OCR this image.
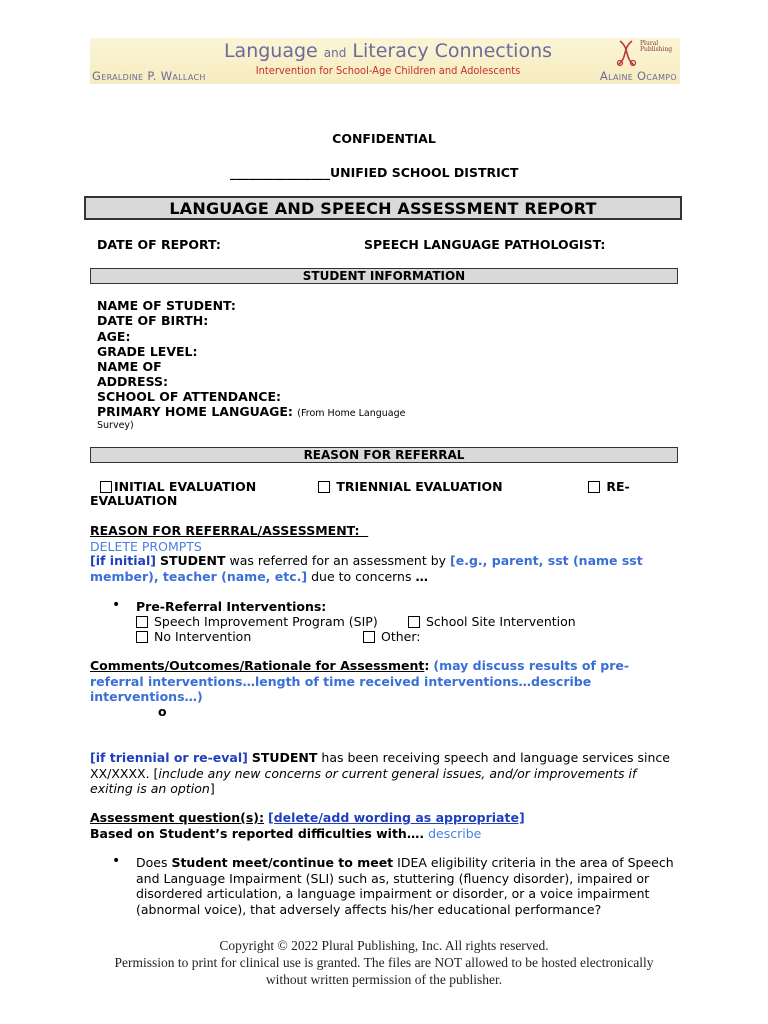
Language and Literacy Connections
Intervention for School-Age Children and Adolescents
Geraldine P. Wallach	Alaine Ocampo
Plural
Publishing
CONFIDENTIAL
________________UNIFIED SCHOOL DISTRICT
LANGUAGE AND SPEECH ASSESSMENT REPORT
DATE OF REPORT:	SPEECH LANGUAGE PATHOLOGIST:
STUDENT INFORMATION
NAME OF STUDENT:
DATE OF BIRTH:
AGE:
GRADE LEVEL:
NAME OF
ADDRESS:
SCHOOL OF ATTENDANCE:
PRIMARY HOME LANGUAGE: (From Home Language
Survey)
REASON FOR REFERRAL
INITIAL EVALUATION	TRIENNIAL EVALUATION	RE-
EVALUATION
REASON FOR REFERRAL/ASSESSMENT:
DELETE PROMPTS
[if initial] STUDENT was referred for an assessment by [e.g., parent, sst (name sst
member), teacher (name, etc.] due to concerns …
• Pre-Referral Interventions:
Speech Improvement Program (SIP)	School Site Intervention
No Intervention	Other:
Comments/Outcomes/Rationale for Assessment: (may discuss results of pre-
referral interventions…length of time received interventions…describe
interventions…)
o
[if triennial or re-eval] STUDENT has been receiving speech and language services since
XX/XXXX. [include any new concerns or current general issues, and/or improvements if
exiting is an option]
Assessment question(s): [delete/add wording as appropriate]
Based on Student’s reported difficulties with…. describe
• Does Student meet/continue to meet IDEA eligibility criteria in the area of Speech
and Language Impairment (SLI) such as, stuttering (fluency disorder), impaired or
disordered articulation, a language impairment or disorder, or a voice impairment
(abnormal voice), that adversely affects his/her educational performance?
Copyright © 2022 Plural Publishing, Inc. All rights reserved.
Permission to print for clinical use is granted. The files are NOT allowed to be hosted electronically
without written permission of the publisher.
